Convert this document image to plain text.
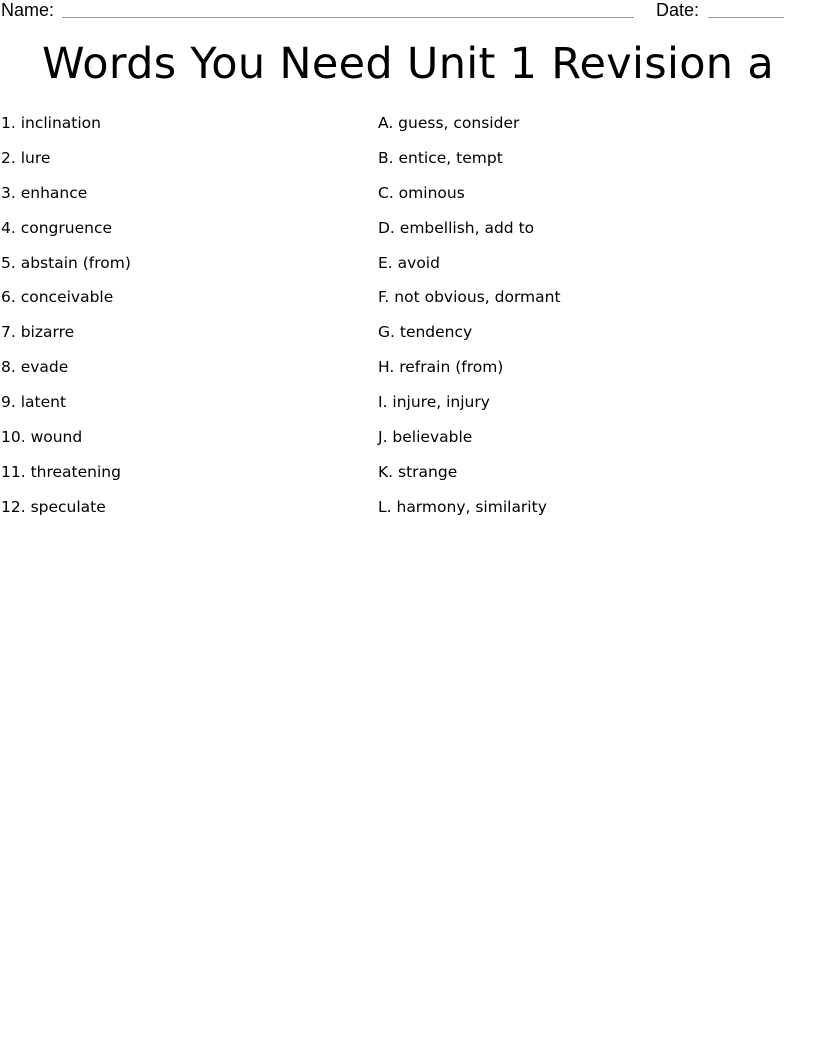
Name:	Date:
Words You Need Unit 1 Revision a
1. inclination
2. lure
3. enhance
4. congruence
5. abstain (from)
6. conceivable
7. bizarre
8. evade
9. latent
10. wound
11. threatening
12. speculate
A. guess, consider
B. entice, tempt
C. ominous
D. embellish, add to
E. avoid
F. not obvious, dormant
G. tendency
H. refrain (from)
I. injure, injury
J. believable
K. strange
L. harmony, similarity
